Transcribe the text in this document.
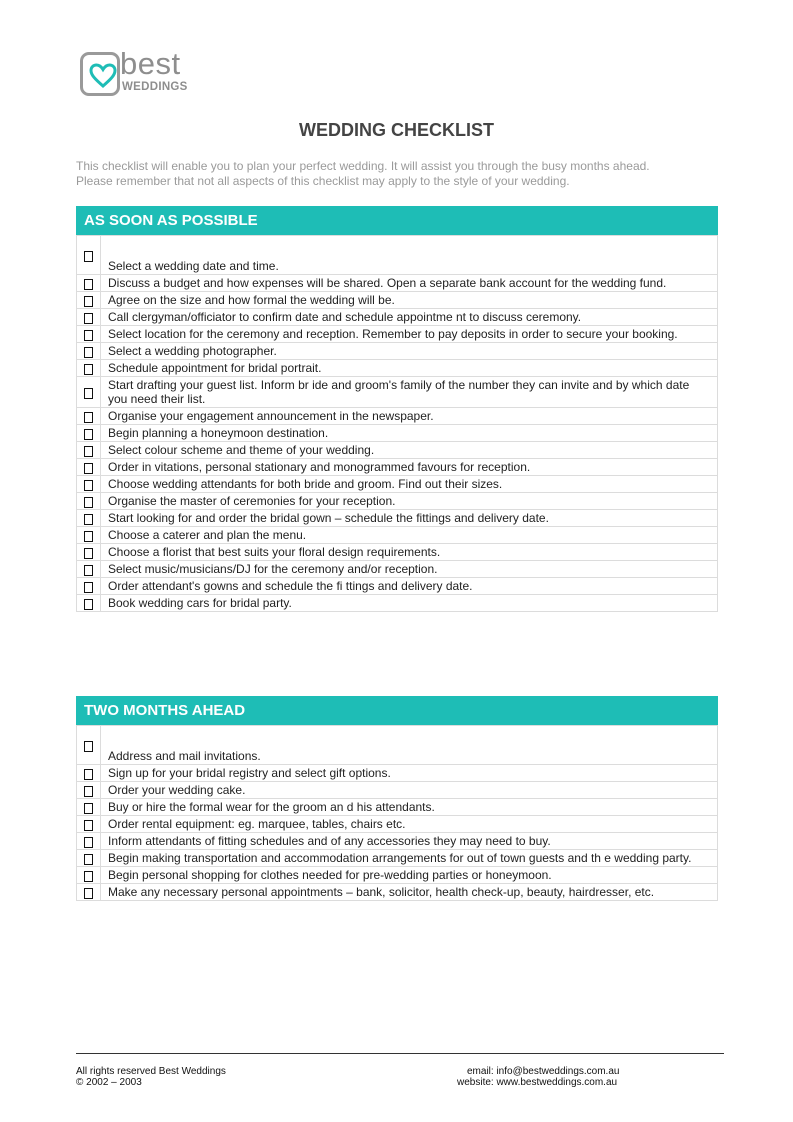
best
WEDDINGS
WEDDING CHECKLIST
This checklist will enable you to plan your perfect wedding. It will assist you through the busy months ahead.
Please remember that not all aspects of this checklist may apply to the style of your wedding.
AS SOON AS POSSIBLE
	Select a wedding date and time.
	Discuss a budget and how expenses will be shared. Open a separate bank account for the wedding fund.
	Agree on the size and how formal the wedding will be.
	Call clergyman/officiator to confirm date and schedule appointme nt to discuss ceremony.
	Select location for the ceremony and reception. Remember to pay deposits in order to secure your booking.
	Select a wedding photographer.
	Schedule appointment for bridal portrait.
	Start drafting your guest list. Inform br ide and groom's family of the number they can invite and by which date you need their list.
	Organise your engagement announcement in the newspaper.
	Begin planning a honeymoon destination.
	Select colour scheme and theme of your wedding.
	Order in vitations, personal stationary and monogrammed favours for reception.
	Choose wedding attendants for both bride and groom. Find out their sizes.
	Organise the master of ceremonies for your reception.
	Start looking for and order the bridal gown – schedule the fittings and delivery date.
	Choose a caterer and plan the menu.
	Choose a florist that best suits your floral design requirements.
	Select music/musicians/DJ for the ceremony and/or reception.
	Order attendant's gowns and schedule the fi ttings and delivery date.
	Book wedding cars for bridal party.
TWO MONTHS AHEAD
	Address and mail invitations.
	Sign up for your bridal registry and select gift options.
	Order your wedding cake.
	Buy or hire the formal wear for the groom an d his attendants.
	Order rental equipment: eg. marquee, tables, chairs etc.
	Inform attendants of fitting schedules and of any accessories they may need to buy.
	Begin making transportation and accommodation arrangements for out of town guests and th e wedding party.
	Begin personal shopping for clothes needed for pre-wedding parties or honeymoon.
	Make any necessary personal appointments – bank, solicitor, health check-up, beauty, hairdresser, etc.
All rights reserved Best Weddings
© 2002 – 2003
email: info@bestweddings.com.au
website: www.bestweddings.com.au
